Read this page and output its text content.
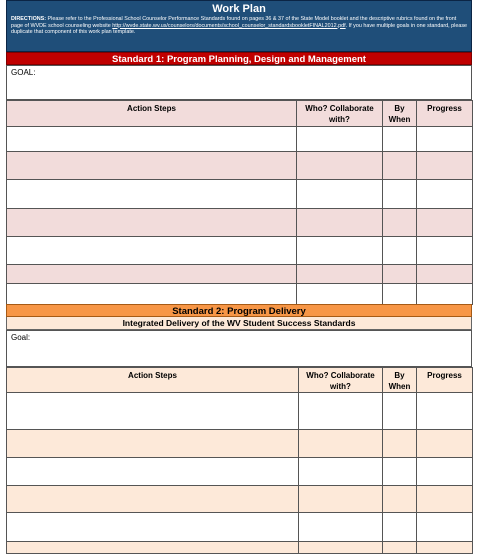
Work Plan
DIRECTIONS: Please refer to the Professional School Counselor Performance Standards found on pages 36 & 37 of the State Model booklet and the descriptive rubrics found on the front page of WVDE school counseling website http://wvde.state.wv.us/counselors/documents/school_counselor_standardsbookletFINAL2012.pdf. If you have multiple goals in one standard, please duplicate that component of this work plan template.
Standard 1: Program Planning, Design and Management
GOAL:
Action Steps	Who? Collaborate with?	By When	Progress

Standard 2: Program Delivery
Integrated Delivery of the WV Student Success Standards
Goal:
Action Steps	Who? Collaborate with?	By When	Progress
